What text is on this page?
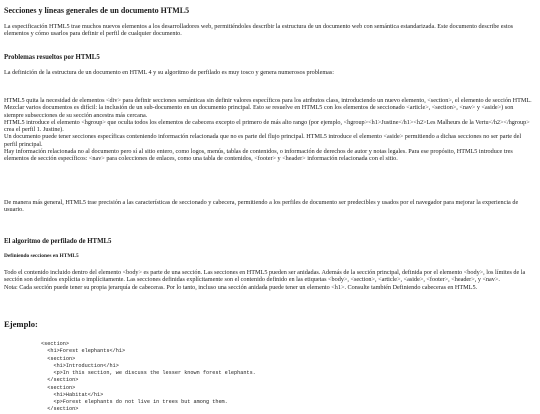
Secciones y líneas generales de un documento HTML5

La especificación HTML5 trae muchos nuevos elementos a los desarrolladores web, permitiéndoles describir la estructura de un documento web con semántica estandarizada. Este documento describe estos elementos y cómo usarlos para definir el perfil de cualquier documento.

Problemas resueltos por HTML5

La definición de la estructura de un documento en HTML 4 y su algoritmo de perfilado es muy tosco y genera numerosos problemas:

HTML5 quita la necesidad de elementos <div> para definir secciones semánticas sin definir valores específicos para los atributos class, introduciendo un nuevo elemento, <section>, el elemento de sección HTML.

Mezclar varios documentos es difícil: la inclusión de un sub-documento en un documento principal. Esto se resuelve en HTML5 con los elementos de seccionado <article>, <section>, <nav> y <aside>) son siempre subsecciones de su sección ancestra más cercana.

HTML5 introduce el elemento <hgroup> que oculta todos los elementos de cabecera excepto el primero de más alto rango (por ejemplo, <hgroup><h1>Justine</h1><h2>Les Malheurs de la Vertu</h2></hgroup> crea el perfil 1. Justine).

Un documento puede tener secciones específicas conteniendo información relacionada que no es parte del flujo principal. HTML5 introduce el elemento <aside> permitiendo a dichas secciones no ser parte del perfil principal.

Hay información relacionada no al documento pero sí al sitio entero, como logos, menús, tablas de contenidos, o información de derechos de autor y notas legales. Para ese propósito, HTML5 introduce tres elementos de sección específicos: <nav> para colecciones de enlaces, como una tabla de contenidos, <footer> y <header> información relacionada con el sitio.

De manera más general, HTML5 trae precisión a las características de seccionado y cabecera, permitiendo a los perfiles de documento ser predecibles y usados por el navegador para mejorar la experiencia de usuario.

El algoritmo de perfilado de HTML5
Definiendo secciones en HTML5

Todo el contenido incluido dentro del elemento <body> es parte de una sección. Las secciones en HTML5 pueden ser anidadas. Además de la sección principal, definida por el elemento <body>, los límites de la sección son definidos explícita o implícitamente. Las secciones definidas explícitamente son el contenido definido en las etiquetas <body>, <section>, <article>, <aside>, <footer>, <header>, y <nav>.

Nota: Cada sección puede tener su propia jerarquía de cabeceras. Por lo tanto, incluso una sección anidada puede tener un elemento <h1>. Consulte también Definiendo cabeceras en HTML5.

Ejemplo:
<section>
<h1>Forest elephants</h1>
<section>
<h1>Introduction</h1>
<p>In this section, we discuss the lesser known forest elephants.
</section>
<section>
<h1>Habitat</h1>
<p>Forest elephants do not live in trees but among them.
</section>
